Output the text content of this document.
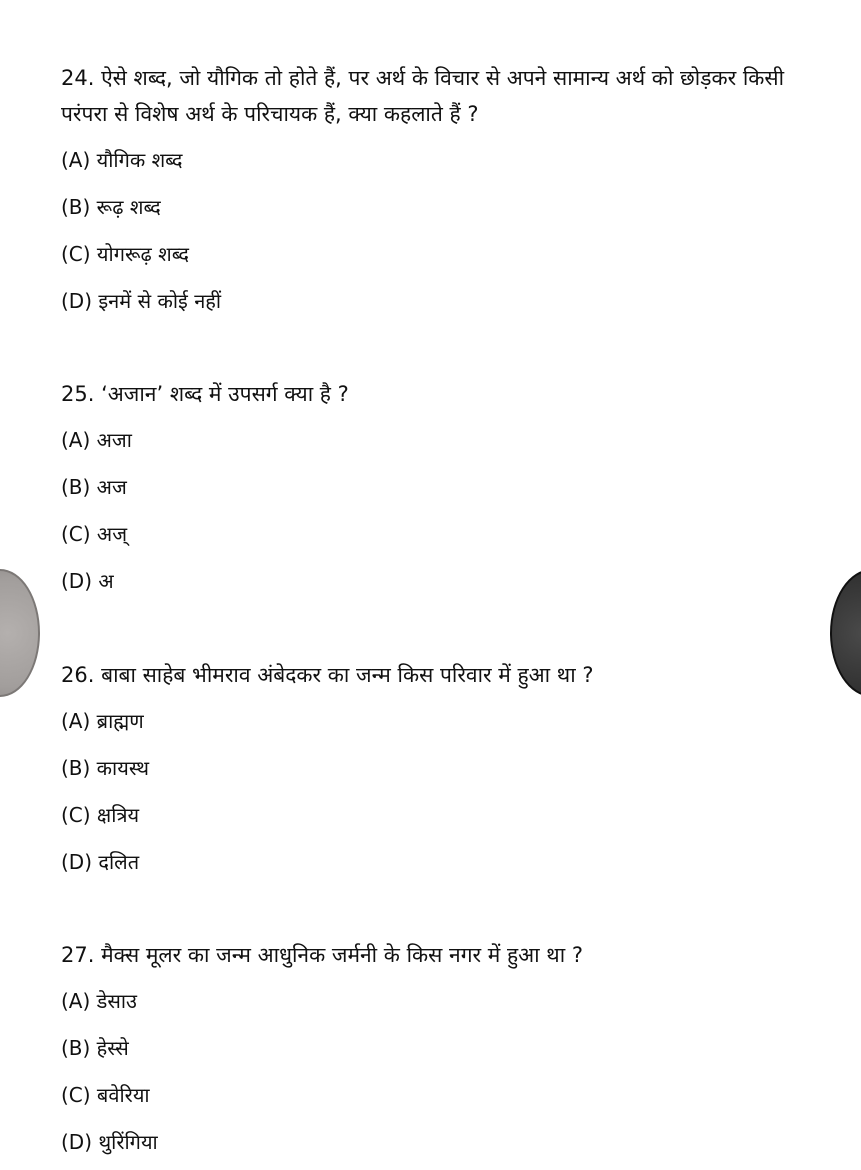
24. ऐसे शब्द, जो यौगिक तो होते हैं, पर अर्थ के विचार से अपने सामान्य अर्थ को छोड़कर किसी परंपरा से विशेष अर्थ के परिचायक हैं, क्या कहलाते हैं ?

(A) यौगिक शब्द
(B) रूढ़ शब्द
(C) योगरूढ़ शब्द
(D) इनमें से कोई नहीं

25. ‘अजान’ शब्द में उपसर्ग क्या है ?

(A) अजा
(B) अज
(C) अज्
(D) अ

26. बाबा साहेब भीमराव अंबेदकर का जन्म किस परिवार में हुआ था ?

(A) ब्राह्मण
(B) कायस्थ
(C) क्षत्रिय
(D) दलित

27. मैक्स मूलर का जन्म आधुनिक जर्मनी के किस नगर में हुआ था ?

(A) डेसाउ
(B) हेस्से
(C) बवेरिया
(D) थुरिंगिया
